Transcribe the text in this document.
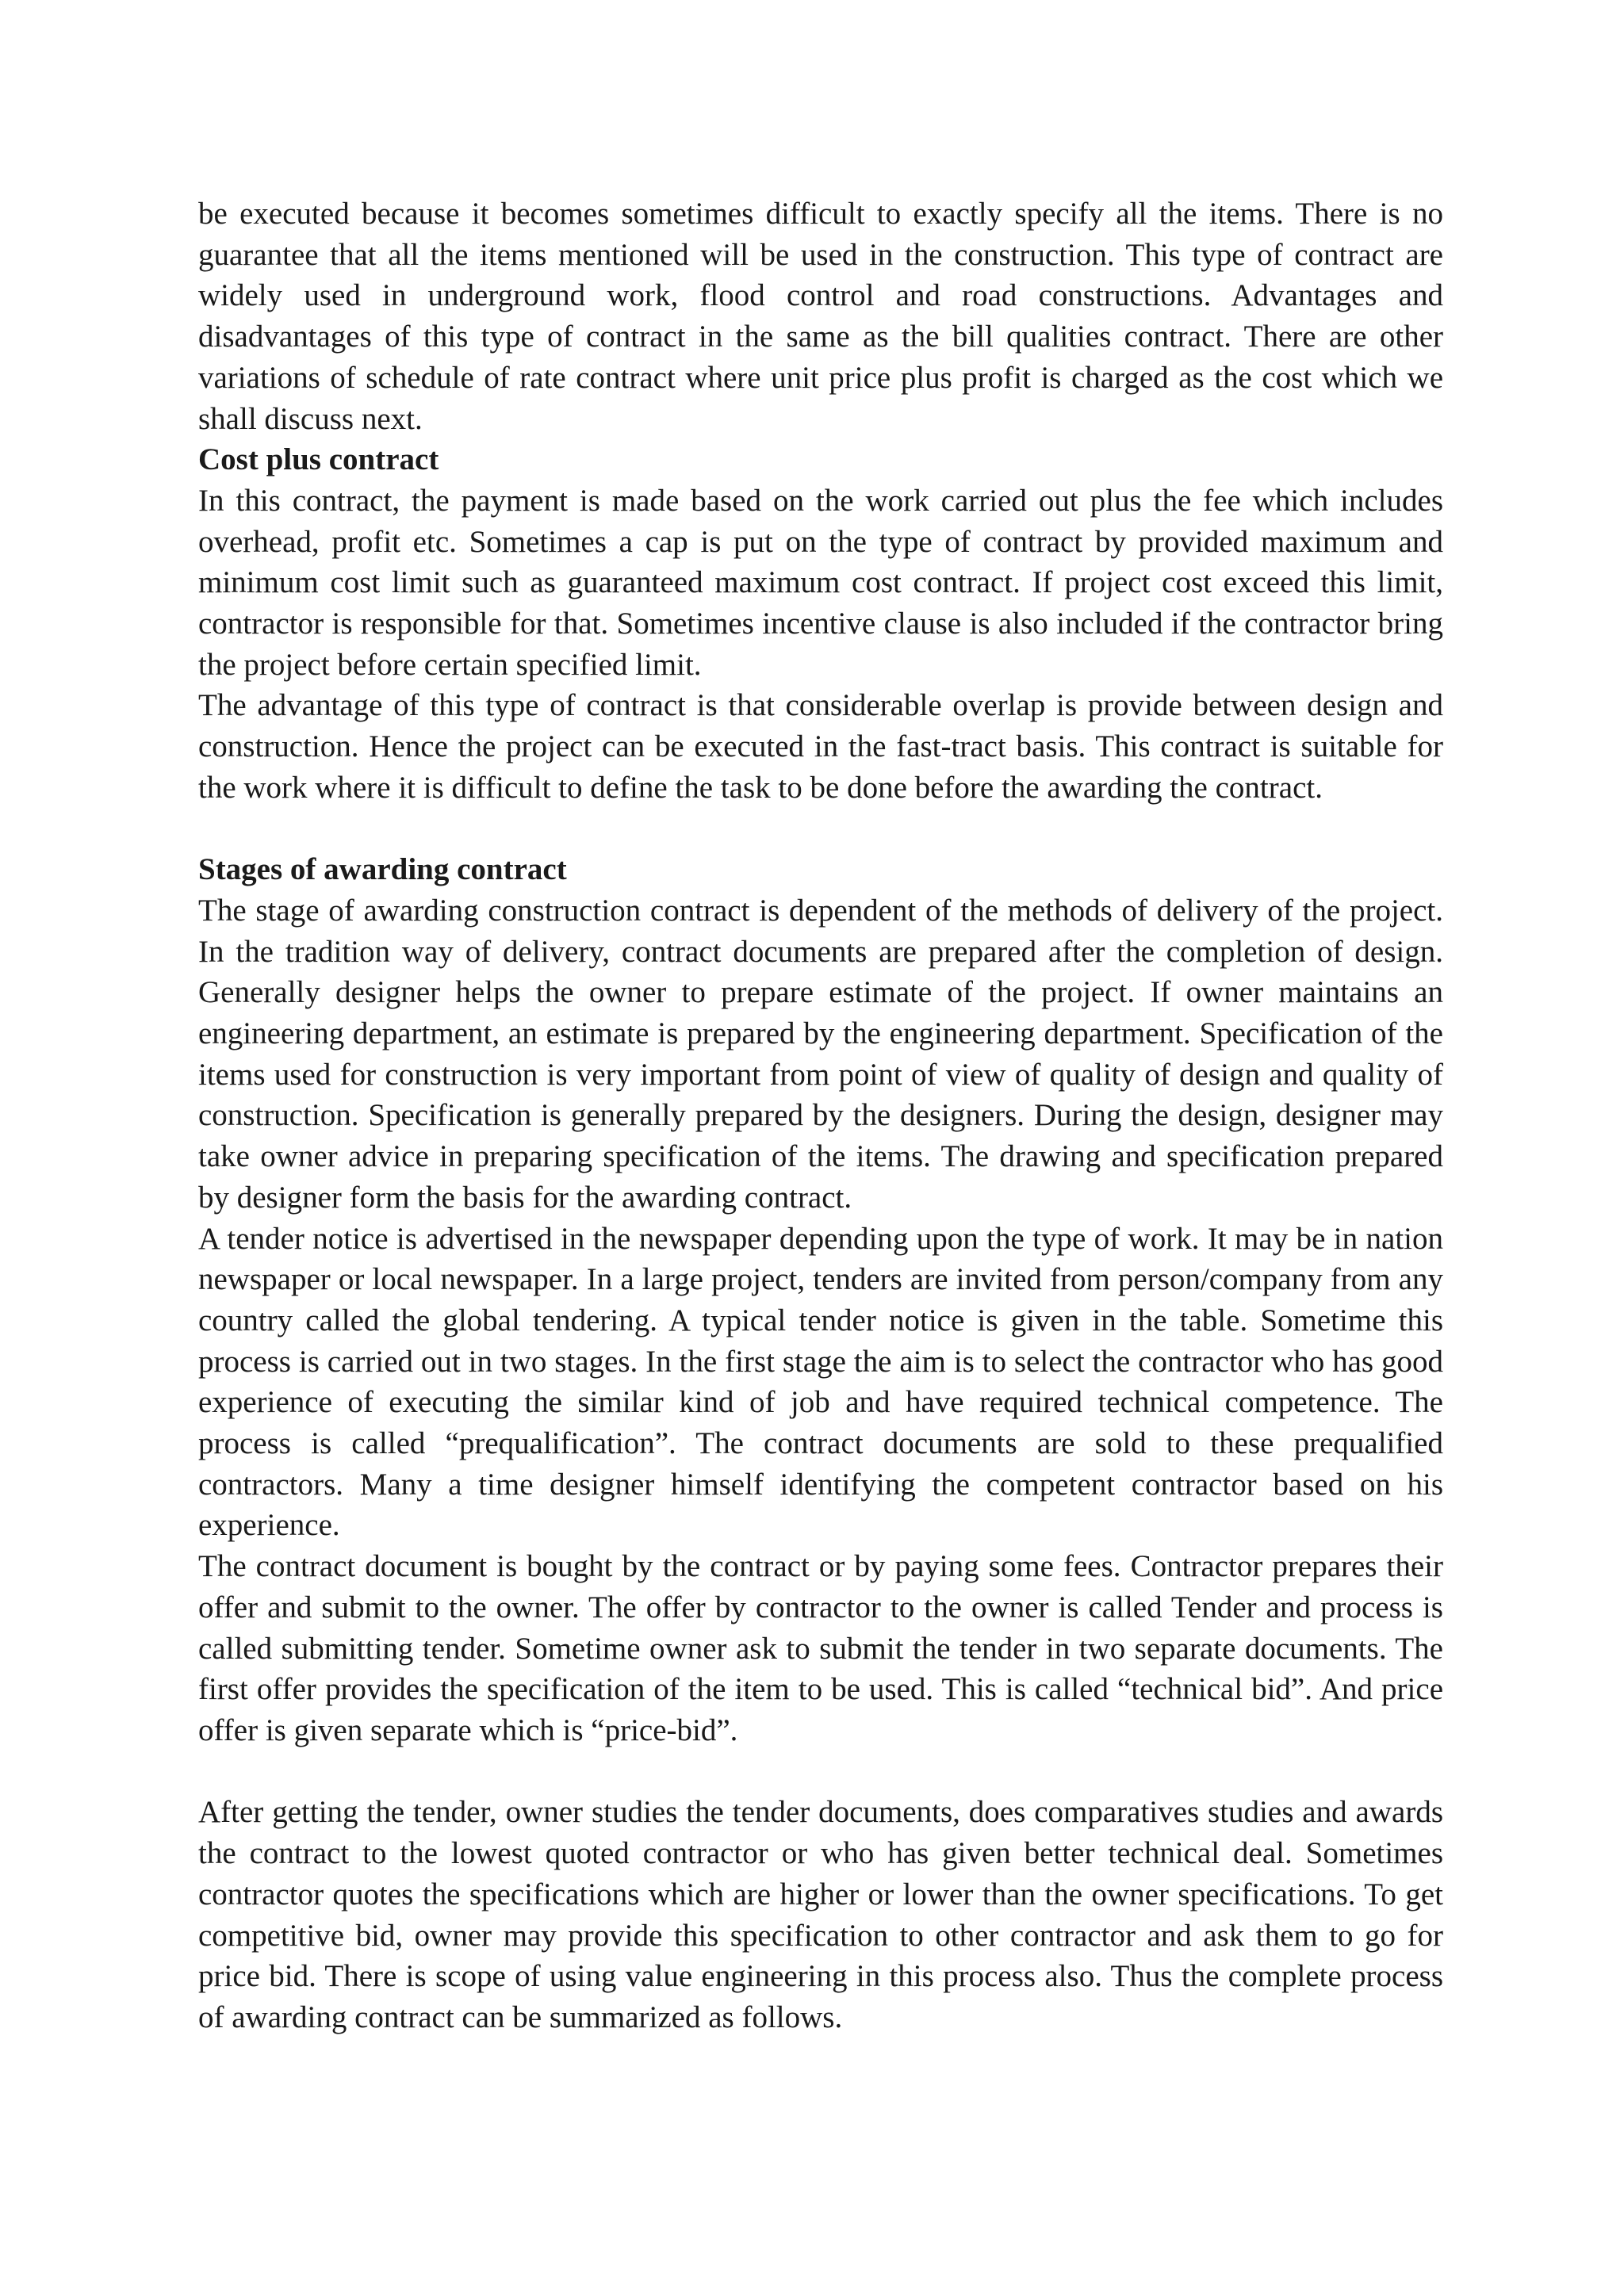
be executed because it becomes sometimes difficult to exactly specify all the items. There is no guarantee that all the items mentioned will be used in the construction. This type of contract are widely used in underground work, flood control and road constructions. Advantages and disadvantages of this type of contract in the same as the bill qualities contract. There are other variations of schedule of rate contract where unit price plus profit is charged as the cost which we shall discuss next.

Cost plus contract

In this contract, the payment is made based on the work carried out plus the fee which includes overhead, profit etc. Sometimes a cap is put on the type of contract by provided maximum and minimum cost limit such as guaranteed maximum cost contract. If project cost exceed this limit, contractor is responsible for that. Sometimes incentive clause is also included if the contractor bring the project before certain specified limit.

The advantage of this type of contract is that considerable overlap is provide between design and construction. Hence the project can be executed in the fast-tract basis. This contract is suitable for the work where it is difficult to define the task to be done before the awarding the contract.

Stages of awarding contract

The stage of awarding construction contract is dependent of the methods of delivery of the project. In the tradition way of delivery, contract documents are prepared after the completion of design. Generally designer helps the owner to prepare estimate of the project. If owner maintains an engineering department, an estimate is prepared by the engineering department. Specification of the items used for construction is very important from point of view of quality of design and quality of construction. Specification is generally prepared by the designers. During the design, designer may take owner advice in preparing specification of the items. The drawing and specification prepared by designer form the basis for the awarding contract.

A tender notice is advertised in the newspaper depending upon the type of work. It may be in nation newspaper or local newspaper. In a large project, tenders are invited from person/company from any country called the global tendering. A typical tender notice is given in the table. Sometime this process is carried out in two stages. In the first stage the aim is to select the contractor who has good experience of executing the similar kind of job and have required technical competence. The process is called “prequalification”. The contract documents are sold to these prequalified contractors. Many a time designer himself identifying the competent contractor based on his experience.

The contract document is bought by the contract or by paying some fees. Contractor prepares their offer and submit to the owner. The offer by contractor to the owner is called Tender and process is called submitting tender. Sometime owner ask to submit the tender in two separate documents. The first offer provides the specification of the item to be used. This is called “technical bid”. And price offer is given separate which is “price-bid”.

After getting the tender, owner studies the tender documents, does comparatives studies and awards the contract to the lowest quoted contractor or who has given better technical deal. Sometimes contractor quotes the specifications which are higher or lower than the owner specifications. To get competitive bid, owner may provide this specification to other contractor and ask them to go for price bid. There is scope of using value engineering in this process also. Thus the complete process of awarding contract can be summarized as follows.
